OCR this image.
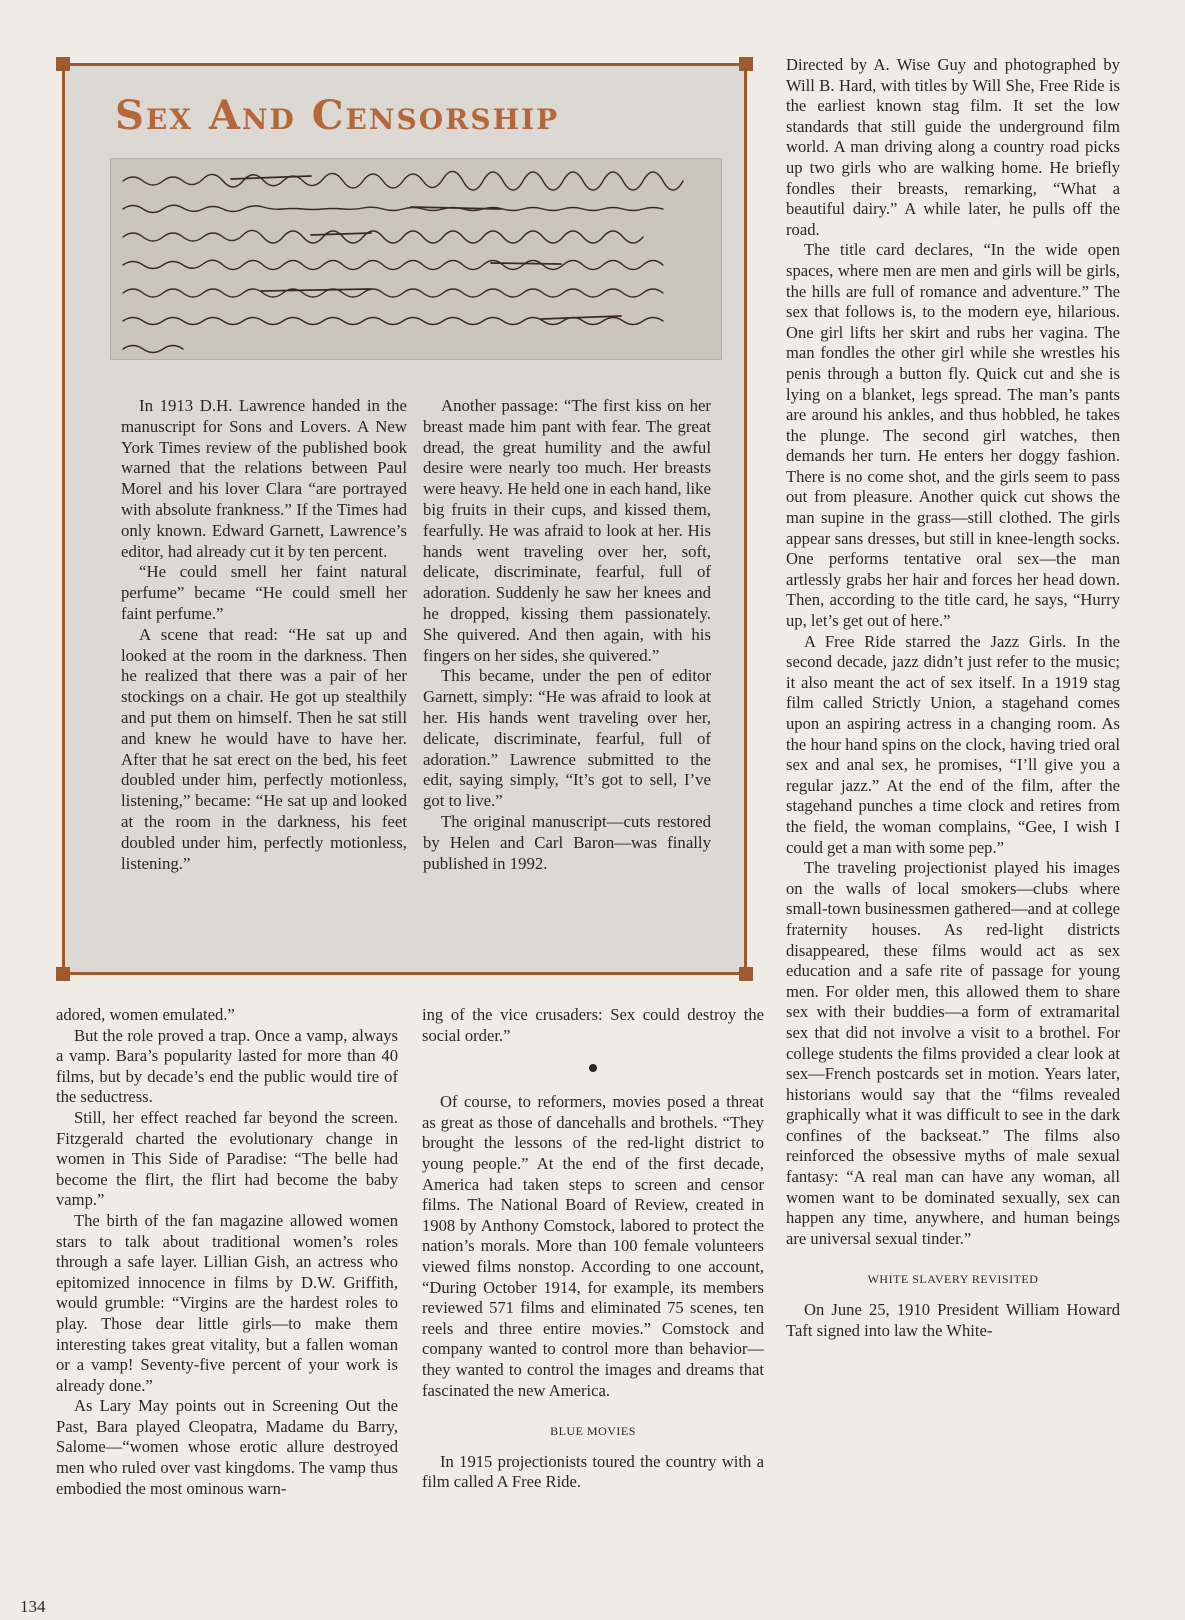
Sex And Censorship

In 1913 D.H. Lawrence handed in the manuscript for Sons and Lovers. A New York Times review of the published book warned that the relations between Paul Morel and his lover Clara “are portrayed with absolute frankness.” If the Times had only known. Edward Garnett, Lawrence’s editor, had already cut it by ten percent.

“He could smell her faint natural perfume” became “He could smell her faint perfume.”

A scene that read: “He sat up and looked at the room in the darkness. Then he realized that there was a pair of her stockings on a chair. He got up stealthily and put them on himself. Then he sat still and knew he would have to have her. After that he sat erect on the bed, his feet doubled under him, perfectly motionless, listening,” became: “He sat up and looked at the room in the darkness, his feet doubled under him, perfectly motionless, listening.”

Another passage: “The first kiss on her breast made him pant with fear. The great dread, the great humility and the awful desire were nearly too much. Her breasts were heavy. He held one in each hand, like big fruits in their cups, and kissed them, fearfully. He was afraid to look at her. His hands went traveling over her, soft, delicate, discriminate, fearful, full of adoration. Suddenly he saw her knees and he dropped, kissing them passionately. She quivered. And then again, with his fingers on her sides, she quivered.”

This became, under the pen of editor Garnett, simply: “He was afraid to look at her. His hands went traveling over her, delicate, discriminate, fearful, full of adoration.” Lawrence submitted to the edit, saying simply, “It’s got to sell, I’ve got to live.”

The original manuscript—cuts restored by Helen and Carl Baron—was finally published in 1992.

adored, women emulated.”

But the role proved a trap. Once a vamp, always a vamp. Bara’s popularity lasted for more than 40 films, but by decade’s end the public would tire of the seductress.

Still, her effect reached far beyond the screen. Fitzgerald charted the evolutionary change in women in This Side of Paradise: “The belle had become the flirt, the flirt had become the baby vamp.”

The birth of the fan magazine allowed women stars to talk about traditional women’s roles through a safe layer. Lillian Gish, an actress who epitomized innocence in films by D.W. Griffith, would grumble: “Virgins are the hardest roles to play. Those dear little girls—to make them interesting takes great vitality, but a fallen woman or a vamp! Seventy-five percent of your work is already done.”

As Lary May points out in Screening Out the Past, Bara played Cleopatra, Madame du Barry, Salome—“women whose erotic allure destroyed men who ruled over vast kingdoms. The vamp thus embodied the most ominous warn-

ing of the vice crusaders: Sex could destroy the social order.”

Of course, to reformers, movies posed a threat as great as those of dancehalls and brothels. “They brought the lessons of the red-light district to young people.” At the end of the first decade, America had taken steps to screen and censor films. The National Board of Review, created in 1908 by Anthony Comstock, labored to protect the nation’s morals. More than 100 female volunteers viewed films nonstop. According to one account, “During October 1914, for example, its members reviewed 571 films and eliminated 75 scenes, ten reels and three entire movies.” Comstock and company wanted to control more than behavior—they wanted to control the images and dreams that fascinated the new America.

BLUE MOVIES

In 1915 projectionists toured the country with a film called A Free Ride.

Directed by A. Wise Guy and photographed by Will B. Hard, with titles by Will She, Free Ride is the earliest known stag film. It set the low standards that still guide the underground film world. A man driving along a country road picks up two girls who are walking home. He briefly fondles their breasts, remarking, “What a beautiful dairy.” A while later, he pulls off the road.

The title card declares, “In the wide open spaces, where men are men and girls will be girls, the hills are full of romance and adventure.” The sex that follows is, to the modern eye, hilarious. One girl lifts her skirt and rubs her vagina. The man fondles the other girl while she wrestles his penis through a button fly. Quick cut and she is lying on a blanket, legs spread. The man’s pants are around his ankles, and thus hobbled, he takes the plunge. The second girl watches, then demands her turn. He enters her doggy fashion. There is no come shot, and the girls seem to pass out from pleasure. Another quick cut shows the man supine in the grass—still clothed. The girls appear sans dresses, but still in knee-length socks. One performs tentative oral sex—the man artlessly grabs her hair and forces her head down. Then, according to the title card, he says, “Hurry up, let’s get out of here.”

A Free Ride starred the Jazz Girls. In the second decade, jazz didn’t just refer to the music; it also meant the act of sex itself. In a 1919 stag film called Strictly Union, a stagehand comes upon an aspiring actress in a changing room. As the hour hand spins on the clock, having tried oral sex and anal sex, he promises, “I’ll give you a regular jazz.” At the end of the film, after the stagehand punches a time clock and retires from the field, the woman complains, “Gee, I wish I could get a man with some pep.”

The traveling projectionist played his images on the walls of local smokers—clubs where small-town businessmen gathered—and at college fraternity houses. As red-light districts disappeared, these films would act as sex education and a safe rite of passage for young men. For older men, this allowed them to share sex with their buddies—a form of extramarital sex that did not involve a visit to a brothel. For college students the films provided a clear look at sex—French postcards set in motion. Years later, historians would say that the “films revealed graphically what it was difficult to see in the dark confines of the backseat.” The films also reinforced the obsessive myths of male sexual fantasy: “A real man can have any woman, all women want to be dominated sexually, sex can happen any time, anywhere, and human beings are universal sexual tinder.”

WHITE SLAVERY REVISITED

On June 25, 1910 President William Howard Taft signed into law the White-

134
